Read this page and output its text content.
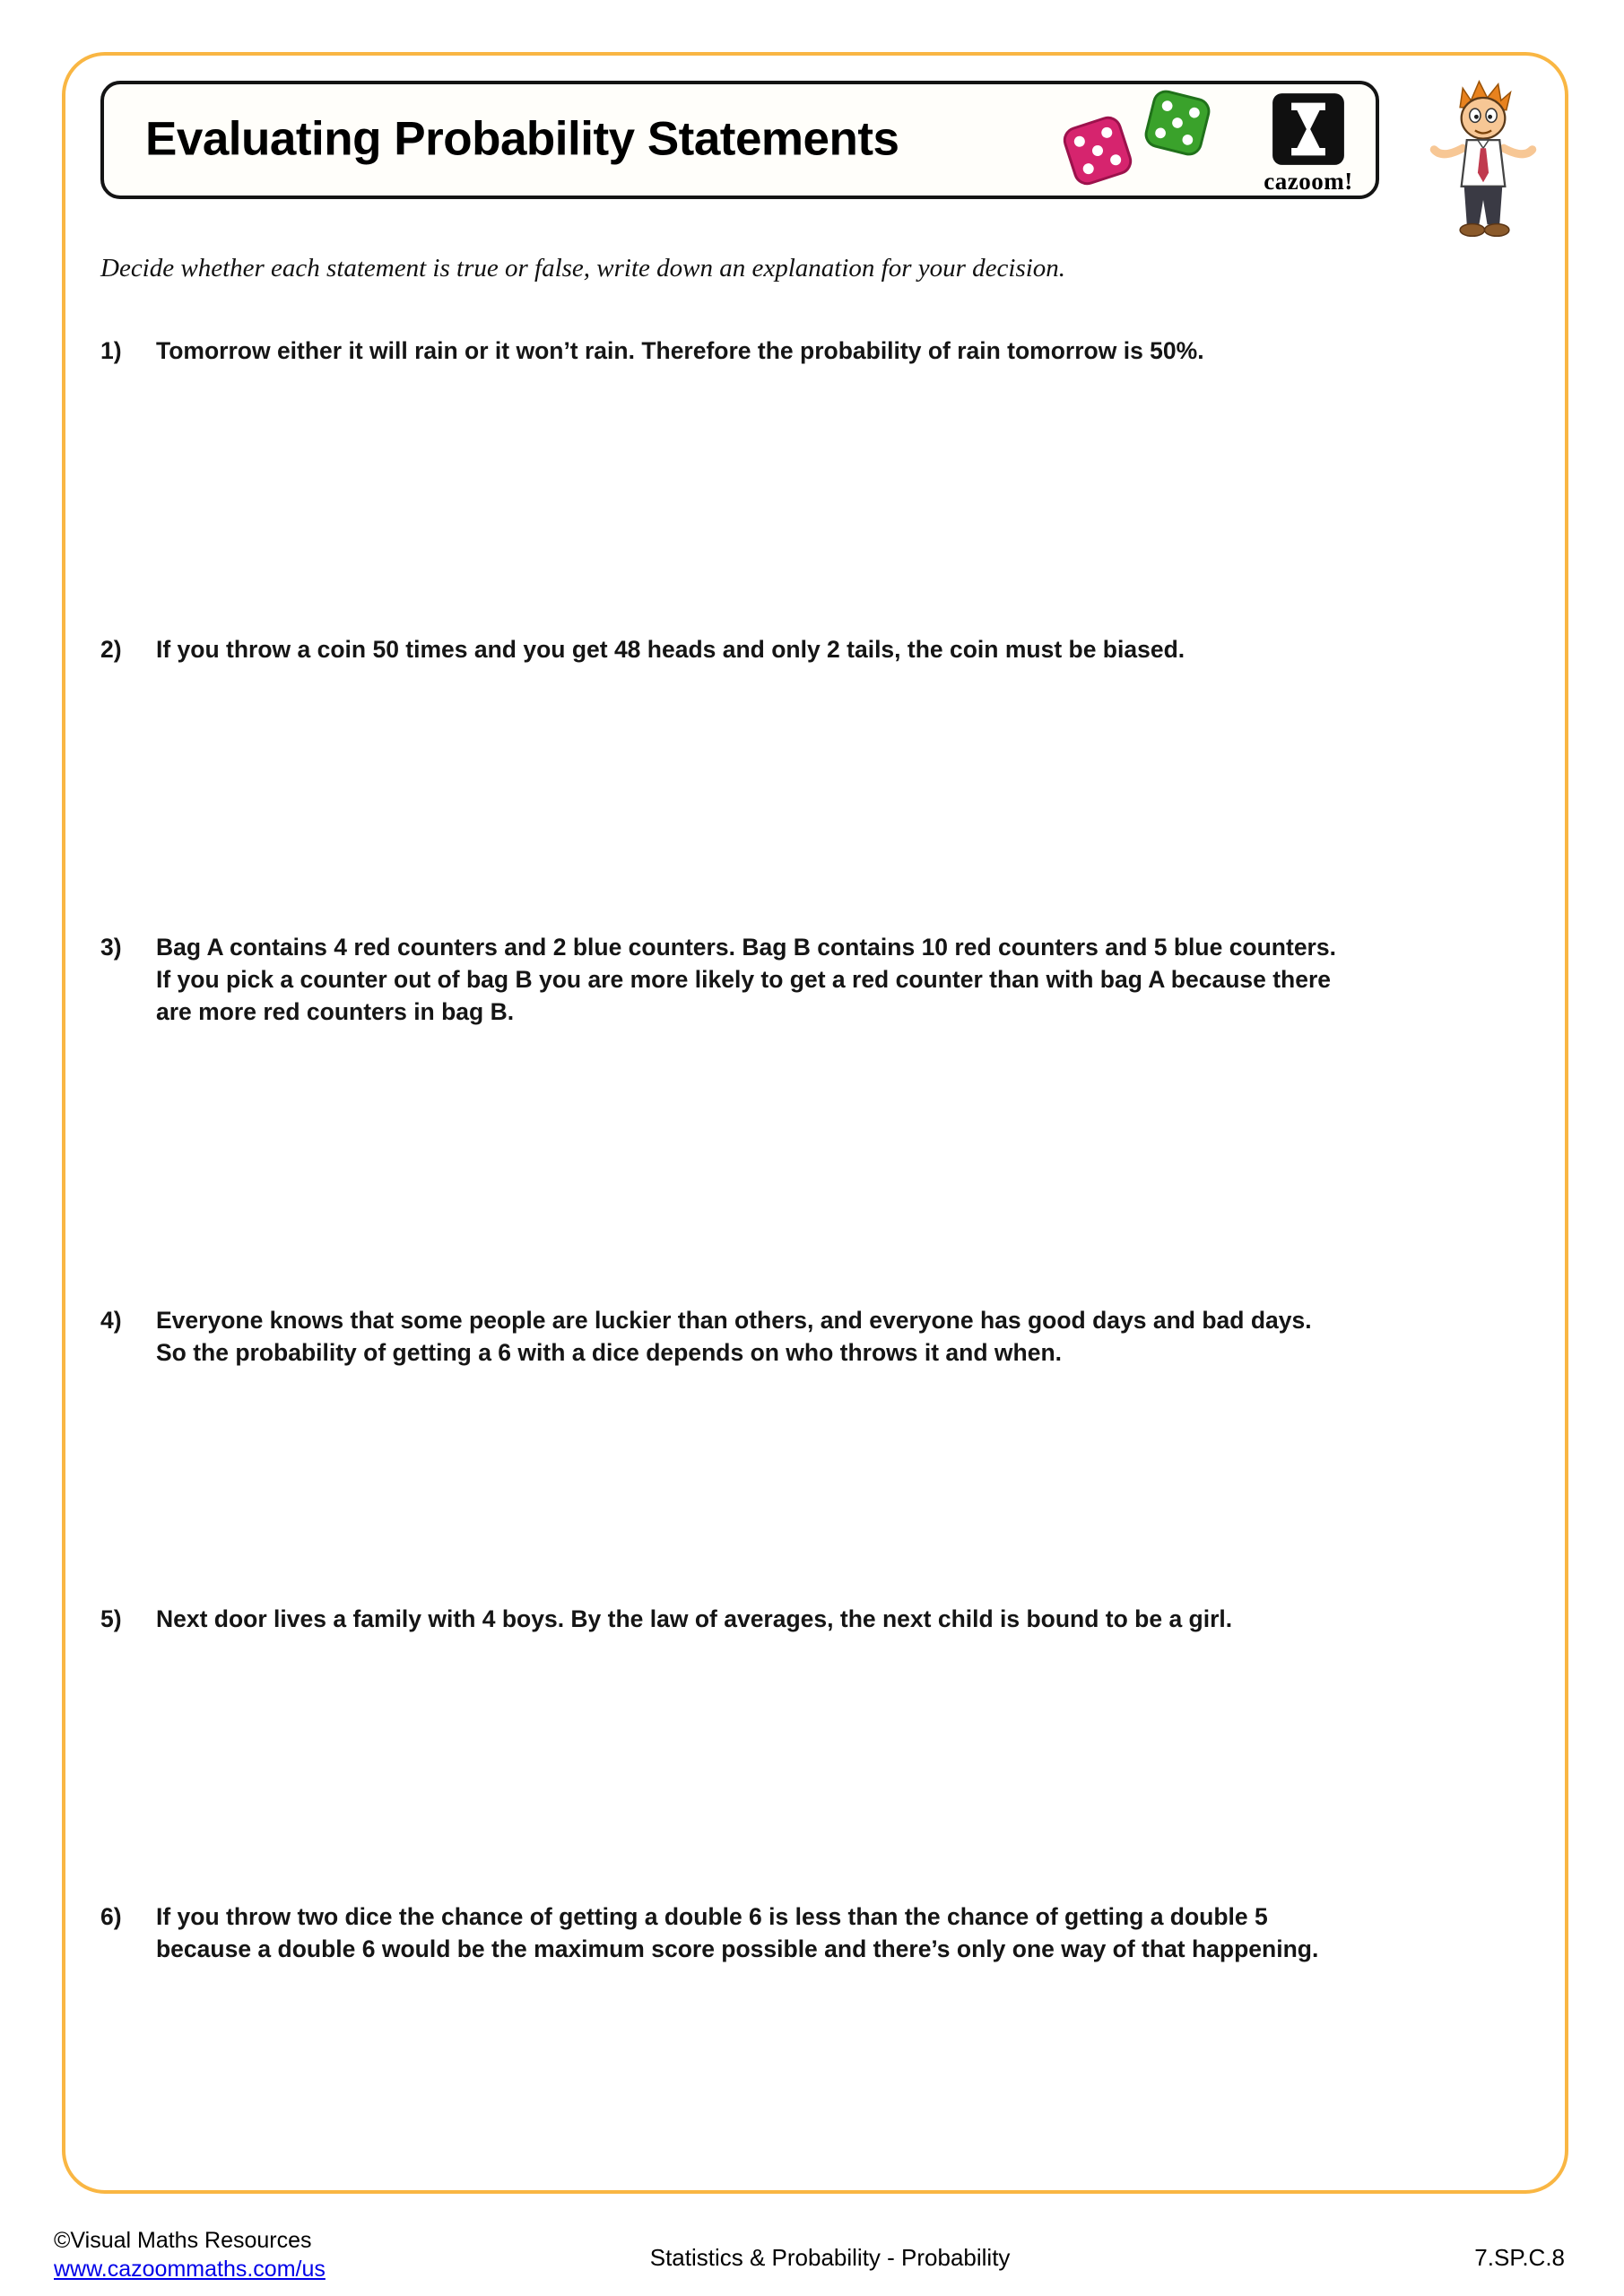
Evaluating Probability Statements
cazoom!

Decide whether each statement is true or false, write down an explanation for your decision.

1)	Tomorrow either it will rain or it won’t rain. Therefore the probability of rain tomorrow is 50%.
2)	If you throw a coin 50 times and you get 48 heads and only 2 tails, the coin must be biased.
3)	Bag A contains 4 red counters and 2 blue counters. Bag B contains 10 red counters and 5 blue counters.
If you pick a counter out of bag B you are more likely to get a red counter than with bag A because there
are more red counters in bag B.
4)	Everyone knows that some people are luckier than others, and everyone has good days and bad days.
So the probability of getting a 6 with a dice depends on who throws it and when.
5)	Next door lives a family with 4 boys. By the law of averages, the next child is bound to be a girl.
6)	If you throw two dice the chance of getting a double 6 is less than the chance of getting a double 5
because a double 6 would be the maximum score possible and there’s only one way of that happening.
©Visual Maths Resources
www.cazoommaths.com/us	Statistics & Probability - Probability	7.SP.C.8
